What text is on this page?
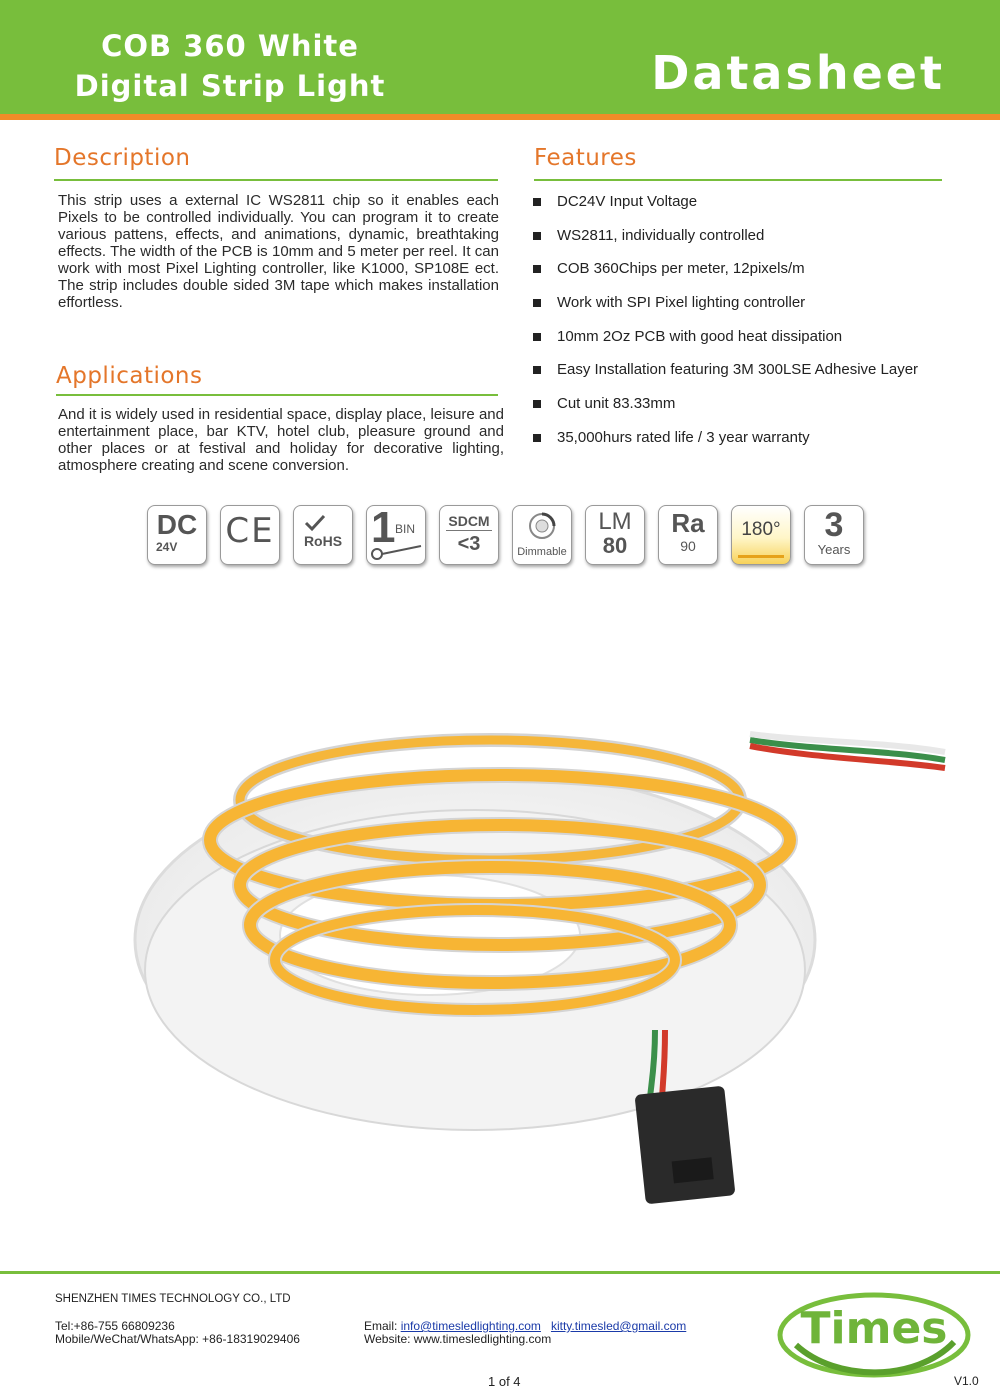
COB 360 White
Digital Strip Light	Datasheet
Description
This strip uses a external IC WS2811 chip so it enables each Pixels to be controlled individually. You can program it to create various pattens, effects, and animations, dynamic, breathtaking effects. The width of the PCB is 10mm and 5 meter per reel. It can work with most Pixel Lighting controller, like K1000, SP108E ect. The strip includes double sided 3M tape which makes installation effortless.
Applications
And it is widely used in residential space, display place, leisure and entertainment place, bar KTV, hotel club, pleasure ground and other places or at festival and holiday for decorative lighting, atmosphere creating and scene conversion.
Features
DC24V Input Voltage
WS2811, individually controlled
COB 360Chips per meter, 12pixels/m
Work with SPI Pixel lighting controller
10mm 2Oz PCB with good heat dissipation
Easy Installation featuring 3M 300LSE Adhesive Layer
Cut unit 83.33mm
35,000hurs rated life / 3 year warranty
DC
24V	CE	RoHS 1 BIN	SDCM
<3	Dimmable
LM
80
Ra
90
180°	3
Years
SHENZHEN TIMES TECHNOLOGY CO., LTD
Tel:+86-755 66809236
Mobile/WeChat/WhatsApp: +86-18319029406
Email: info@timesledlighting.com kitty.timesled@gmail.com
Website: www.timesledlighting.com
1 of 4	V1.0
Times
